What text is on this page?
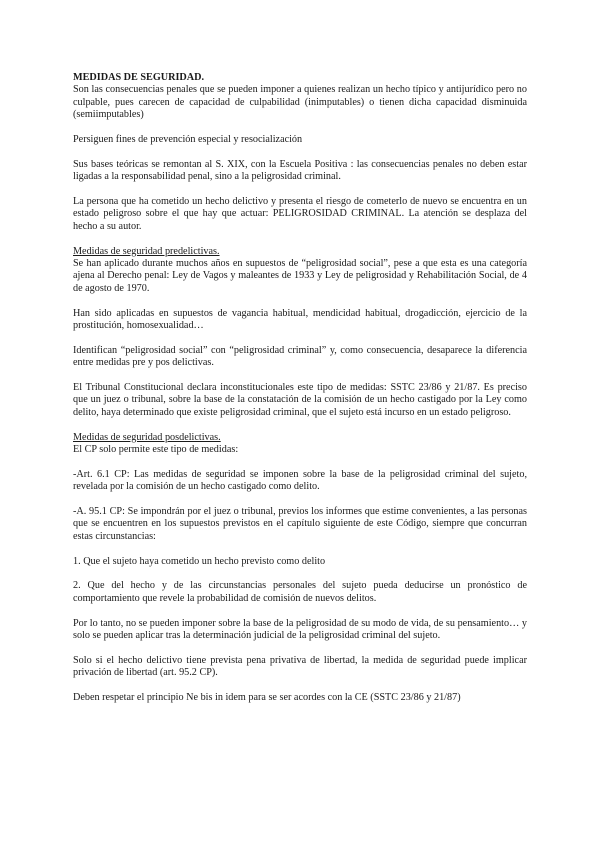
MEDIDAS DE SEGURIDAD.

Son las consecuencias penales que se pueden imponer a quienes realizan un hecho típico y antijurídico pero no culpable, pues carecen de capacidad de culpabilidad (inimputables) o tienen dicha capacidad disminuida (semiimputables)

Persiguen fines de prevención especial y resocialización

Sus bases teóricas se remontan al S. XIX, con la Escuela Positiva : las consecuencias penales no deben estar ligadas a la responsabilidad penal, sino a la peligrosidad criminal.

La persona que ha cometido un hecho delictivo y presenta el riesgo de cometerlo de nuevo se encuentra en un estado peligroso sobre el que hay que actuar: PELIGROSIDAD CRIMINAL. La atención se desplaza del hecho a su autor.

Medidas de seguridad predelictivas.

Se han aplicado durante muchos años en supuestos de “peligrosidad social”, pese a que esta es una categoría ajena al Derecho penal: Ley de Vagos y maleantes de 1933 y Ley de peligrosidad y Rehabilitación Social, de 4 de agosto de 1970.

Han sido aplicadas en supuestos de vagancia habitual, mendicidad habitual, drogadicción, ejercicio de la prostitución, homosexualidad…

Identifican “peligrosidad social” con “peligrosidad criminal” y, como consecuencia, desaparece la diferencia entre medidas pre y pos delictivas.

El Tribunal Constitucional declara inconstitucionales este tipo de medidas: SSTC 23/86 y 21/87. Es preciso que un juez o tribunal, sobre la base de la constatación de la comisión de un hecho castigado por la Ley como delito, haya determinado que existe peligrosidad criminal, que el sujeto está incurso en un estado peligroso.

Medidas de seguridad posdelictivas.

El CP solo permite este tipo de medidas:

-Art. 6.1 CP: Las medidas de seguridad se imponen sobre la base de la peligrosidad criminal del sujeto, revelada por la comisión de un hecho castigado como delito.

-A. 95.1 CP: Se impondrán por el juez o tribunal, previos los informes que estime convenientes, a las personas que se encuentren en los supuestos previstos en el capítulo siguiente de este Código, siempre que concurran estas circunstancias:

1. Que el sujeto haya cometido un hecho previsto como delito

2. Que del hecho y de las circunstancias personales del sujeto pueda deducirse un pronóstico de comportamiento que revele la probabilidad de comisión de nuevos delitos.

Por lo tanto, no se pueden imponer sobre la base de la peligrosidad de su modo de vida, de su pensamiento… y solo se pueden aplicar tras la determinación judicial de la peligrosidad criminal del sujeto.

Solo si el hecho delictivo tiene prevista pena privativa de libertad, la medida de seguridad puede implicar privación de libertad (art. 95.2 CP).

Deben respetar el principio Ne bis in idem para se ser acordes con la CE (SSTC 23/86 y 21/87)
